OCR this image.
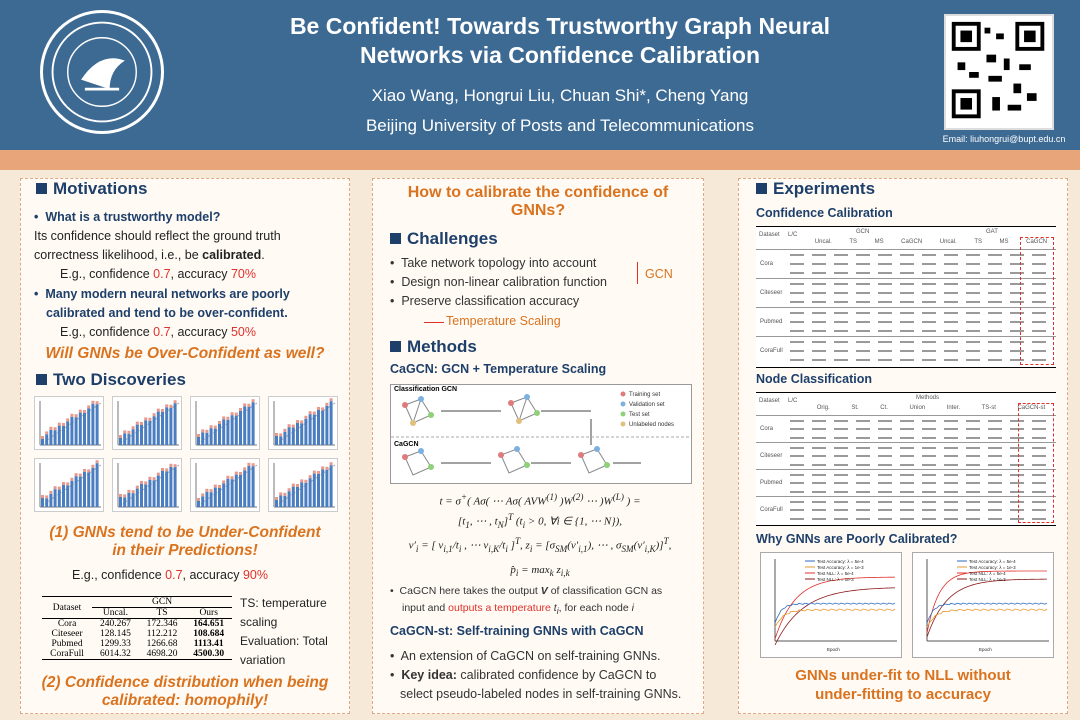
Be Confident! Towards Trustworthy Graph Neural
Networks via Confidence Calibration
Xiao Wang, Hongrui Liu, Chuan Shi*, Cheng Yang
Beijing University of Posts and Telecommunications
Email: liuhongrui@bupt.edu.cn
Motivations
•  What is a trustworthy model?
Its confidence should reflect the ground truth
correctness likelihood, i.e., be calibrated.
E.g., confidence 0.7, accuracy 70%
•  Many modern neural networks are poorly
calibrated and tend to be over-confident.
E.g., confidence 0.7, accuracy 50%
Will GNNs be Over-Confident as well?
Two Discoveries
(1) GNNs tend to be Under-Confident
in their Predictions!
E.g., confidence 0.7, accuracy 90%
Dataset	GCN		
	Uncal.	TS	Ours
Cora	240.267	172.346	164.651
Citeseer	128.145	112.212	108.684
Pubmed	1299.33	1266.68	1113.41
CoraFull	6014.32	4698.20	4500.30
TS: temperature
scaling
Evaluation: Total
variation
(2) Confidence distribution when being
calibrated: homophily!
How to calibrate the confidence of
GNNs?
Challenges
•  Take network topology into account
•  Design non-linear calibration function
•  Preserve classification accuracy
GCN
Temperature Scaling
Methods
CaGCN: GCN + Temperature Scaling
Classification GCN
CaGCN
Training set
Validation set
Test set
Unlabeled nodes
t = σ+( Aσ( ⋯ Aσ( AVW$^{(1)}$ )$W^{(2)}$ ⋯ )$W^{(L)}$ ) =
[$t_1$, ⋯ , $t_N]^T$ ($t_i > 0$, ∀i ∈ {1, ⋯ N}),
$v'_i$ = [ $v_{i,1}/t_i$ , ⋯ $v_{i,K}/t_i$ ]$^T$, $z_i = [\sigma_{SM}(v'_{i,1})$, ⋯ , $\sigma_{SM}(v'_{i,K})]^T$,
$p̂_i = \max_k z_{i,k}$
•  CaGCN here takes the output V of classification GCN as
input and outputs a temperature $t_i$, for each node i
CaGCN-st: Self-training GNNs with CaGCN
•  An extension of CaGCN on self-training GNNs.
•  Key idea: calibrated confidence by CaGCN to
select pseudo-labeled nodes in self-training GNNs.
Experiments
Confidence Calibration
Dataset L/C	GCN	GAT
Uncal.	TS	MS	CaGCN	Uncal.	TS	MS	CaGCN
Cora
Citeseer
Pubmed
CoraFull
Node Classification
Dataset L/C	Methods
Orig.	St.	Ct.	Union	Inter.	TS-st	CaGCN-st
Cora
Citeseer
Pubmed
CoraFull
Why GNNs are Poorly Calibrated?
Test Accuracy: λ = 5e-4
Test Accuracy: λ = 1e-3
Test NLL: λ = 5e-4
Test NLL: λ = 1e-3
Epoch
Test Accuracy: λ = 5e-4
Test Accuracy: λ = 1e-3
Test NLL: λ = 5e-4
Test NLL: λ = 1e-3
Epoch
GNNs under-fit to NLL without
under-fitting to accuracy
